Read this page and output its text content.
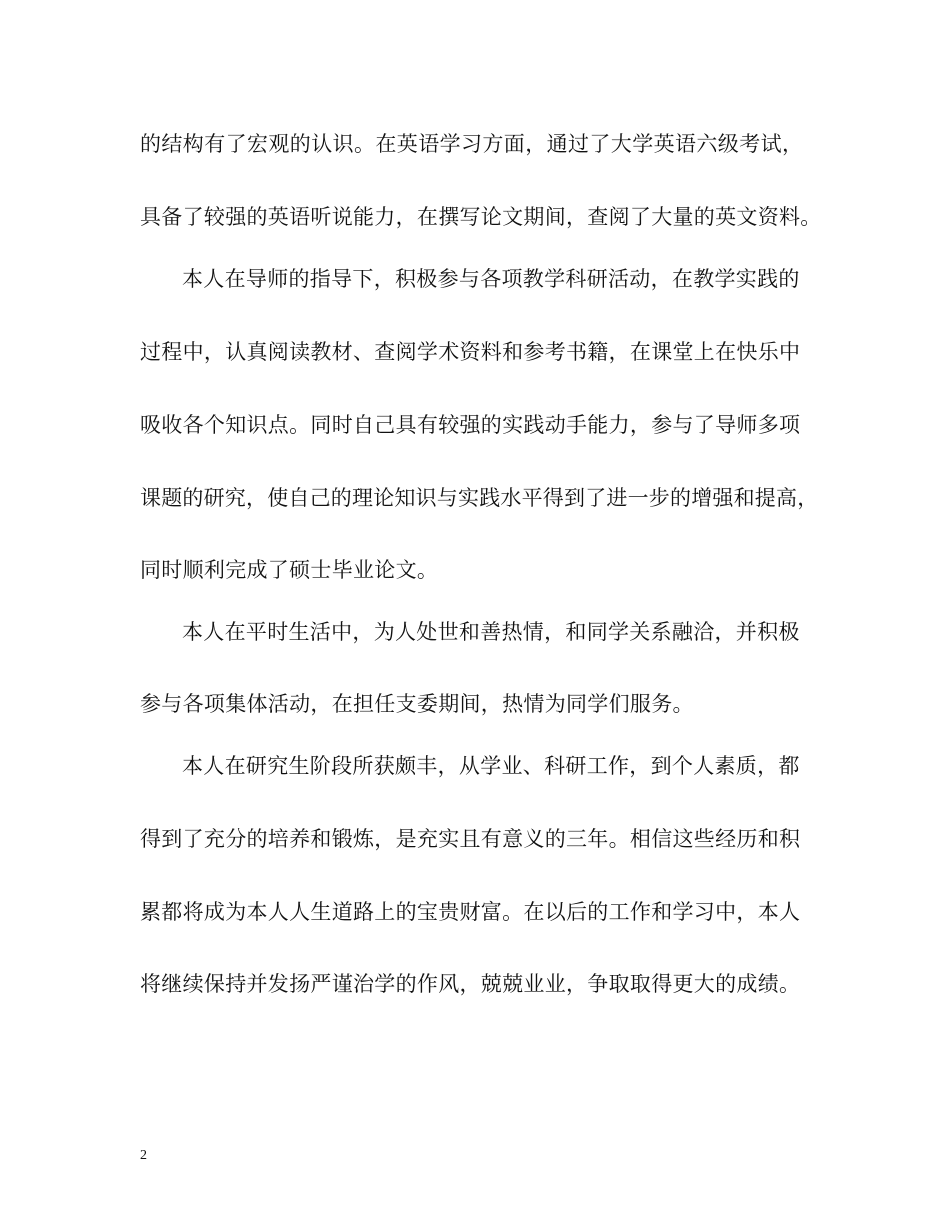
的结构有了宏观的认识。在英语学习方面，通过了大学英语六级考试，
具备了较强的英语听说能力，在撰写论文期间，查阅了大量的英文资料。
本人在导师的指导下，积极参与各项教学科研活动，在教学实践的
过程中，认真阅读教材、查阅学术资料和参考书籍，在课堂上在快乐中
吸收各个知识点。同时自己具有较强的实践动手能力，参与了导师多项
课题的研究，使自己的理论知识与实践水平得到了进一步的增强和提高，
同时顺利完成了硕士毕业论文。
本人在平时生活中，为人处世和善热情，和同学关系融洽，并积极
参与各项集体活动，在担任支委期间，热情为同学们服务。
本人在研究生阶段所获颇丰，从学业、科研工作，到个人素质，都
得到了充分的培养和锻炼，是充实且有意义的三年。相信这些经历和积
累都将成为本人人生道路上的宝贵财富。在以后的工作和学习中，本人
将继续保持并发扬严谨治学的作风，兢兢业业，争取取得更大的成绩。
2
